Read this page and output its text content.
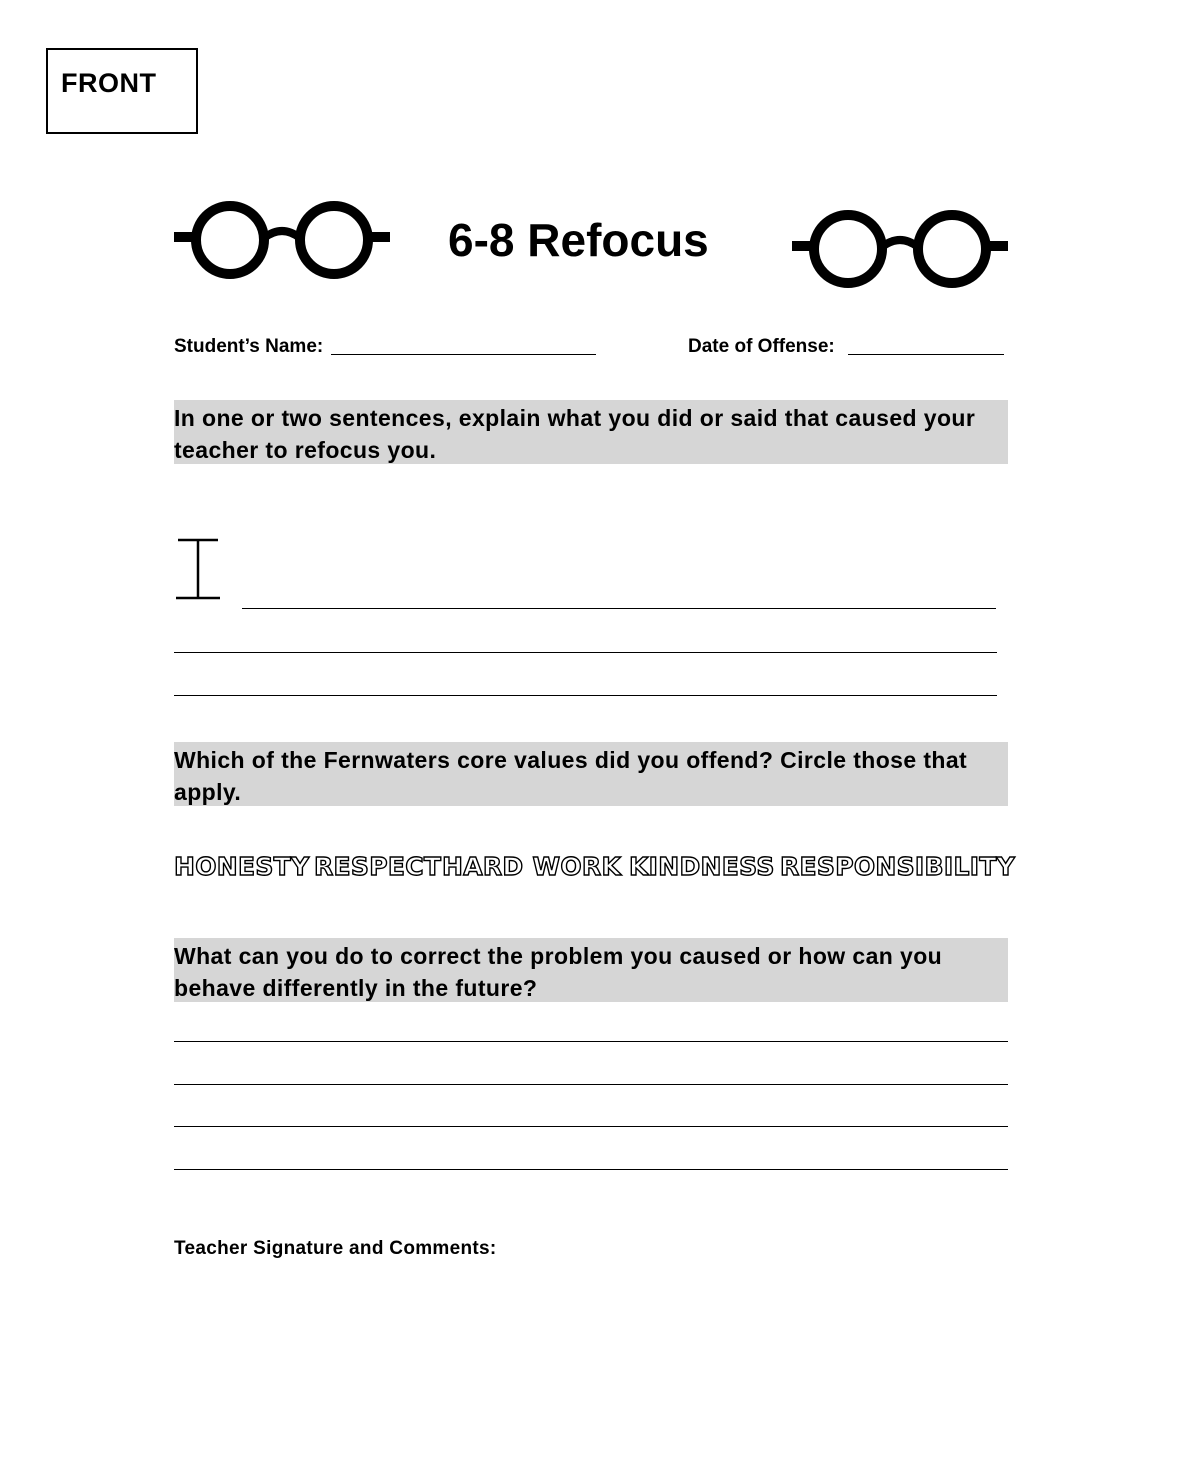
FRONT
6-8 Refocus
Student’s Name:	Date of Offense:
In one or two sentences, explain what you did or said that caused your teacher to refocus you.
Which of the Fernwaters core values did you offend? Circle those that apply.
HONESTY RESPECT HARD WORK KINDNESS RESPONSIBILITY
What can you do to correct the problem you caused or how can you behave differently in the future?
Teacher Signature and Comments:
